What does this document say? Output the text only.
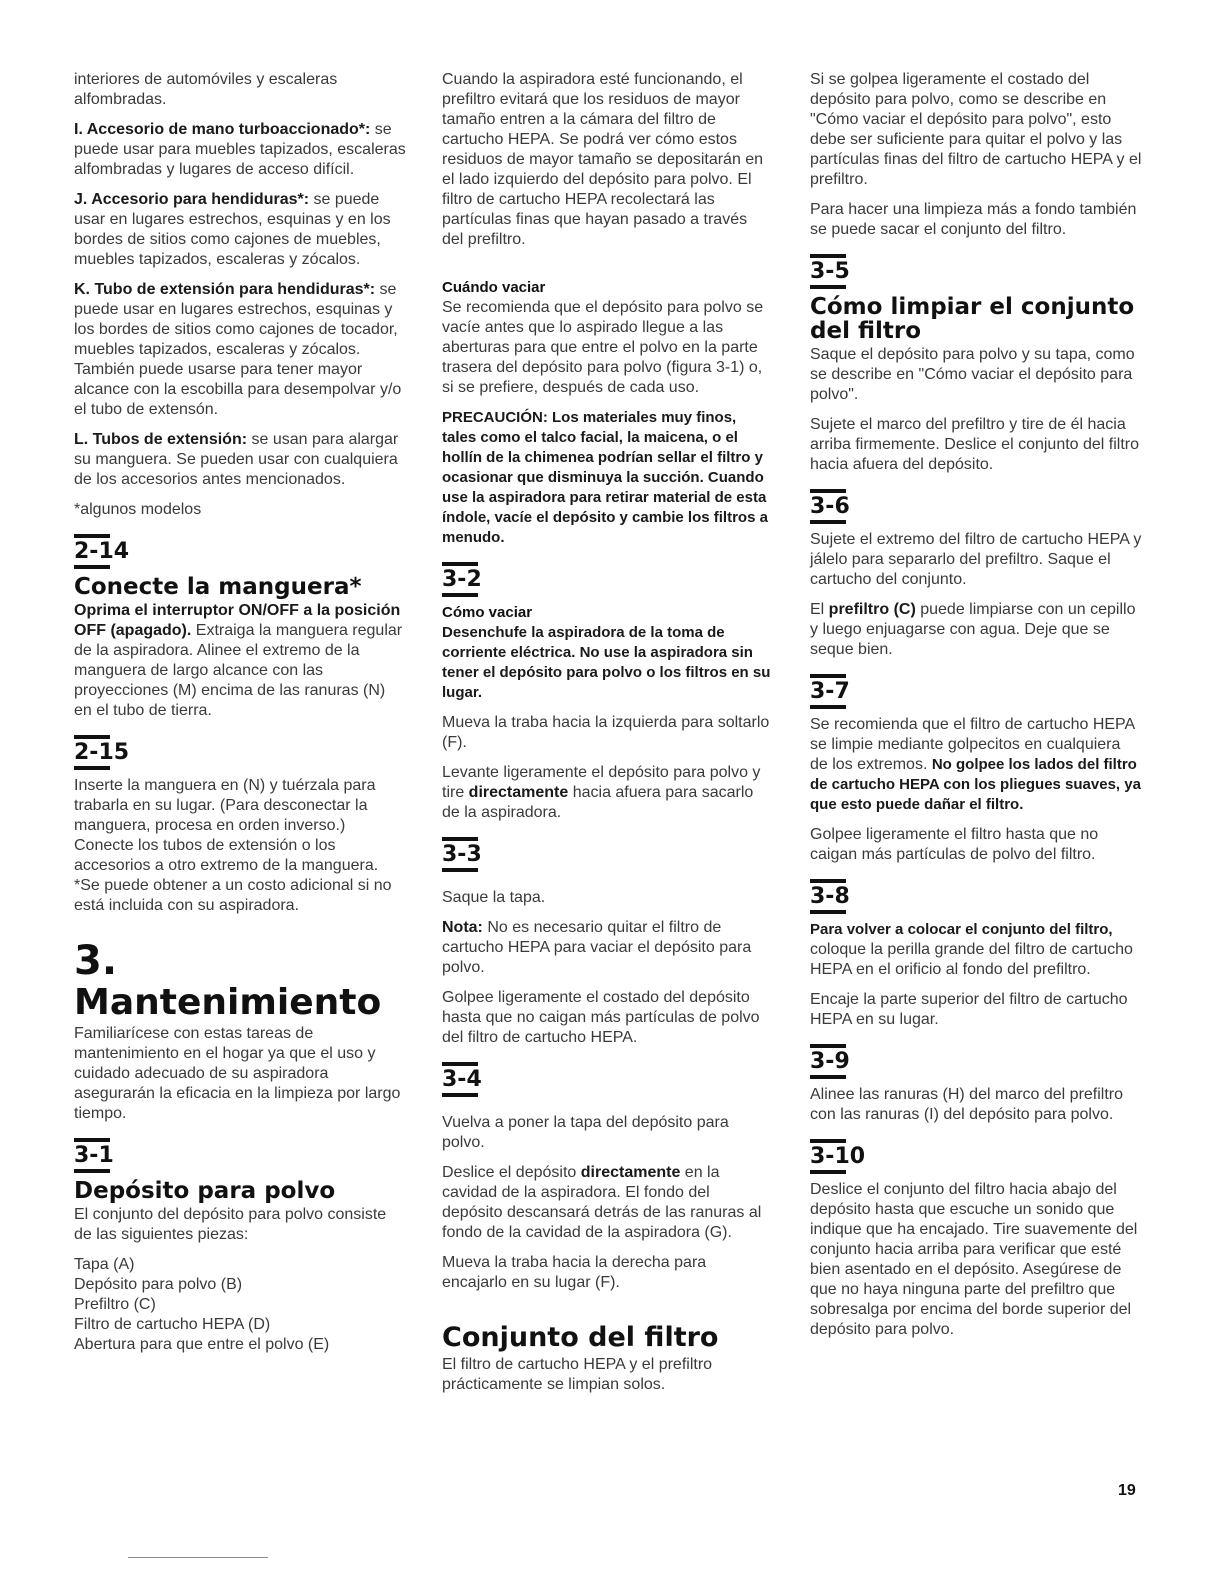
interiores de automóviles y escaleras alfombradas.

I. Accesorio de mano turboaccionado*: se puede usar para muebles tapizados, escaleras alfombradas y lugares de acceso difícil.

J. Accesorio para hendiduras*: se puede usar en lugares estrechos, esquinas y en los bordes de sitios como cajones de muebles, muebles tapizados, escaleras y zócalos.

K. Tubo de extensión para hendiduras*: se puede usar en lugares estrechos, esquinas y los bordes de sitios como cajones de tocador, muebles tapizados, escaleras y zócalos. También puede usarse para tener mayor alcance con la escobilla para desempolvar y/o el tubo de extensón.

L. Tubos de extensión: se usan para alargar su manguera. Se pueden usar con cualquiera de los accesorios antes mencionados.

*algunos modelos

2-14
Conecte la manguera*

Oprima el interruptor ON/OFF a la posición OFF (apagado). Extraiga la manguera regular de la aspiradora. Alinee el extremo de la manguera de largo alcance con las proyecciones (M) encima de las ranuras (N) en el tubo de tierra.

2-15

Inserte la manguera en (N) y tuérzala para trabarla en su lugar. (Para desconectar la manguera, procesa en orden inverso.) Conecte los tubos de extensión o los accesorios a otro extremo de la manguera.

*Se puede obtener a un costo adicional si no está incluida con su aspiradora.

3.
Mantenimiento

Familiarícese con estas tareas de mantenimiento en el hogar ya que el uso y cuidado adecuado de su aspiradora asegurarán la eficacia en la limpieza por largo tiempo.

3-1
Depósito para polvo

El conjunto del depósito para polvo consiste de las siguientes piezas:

Tapa (A)

Depósito para polvo (B)

Prefiltro (C)

Filtro de cartucho HEPA (D)

Abertura para que entre el polvo (E)

Cuando la aspiradora esté funcionando, el prefiltro evitará que los residuos de mayor tamaño entren a la cámara del filtro de cartucho HEPA. Se podrá ver cómo estos residuos de mayor tamaño se depositarán en el lado izquierdo del depósito para polvo. El filtro de cartucho HEPA recolectará las partículas finas que hayan pasado a través del prefiltro.

Cuándo vaciar

Se recomienda que el depósito para polvo se vacíe antes que lo aspirado llegue a las aberturas para que entre el polvo en la parte trasera del depósito para polvo (figura 3-1) o, si se prefiere, después de cada uso.

PRECAUCIÓN: Los materiales muy finos, tales como el talco facial, la maicena, o el hollín de la chimenea podrían sellar el filtro y ocasionar que disminuya la succión. Cuando use la aspiradora para retirar material de esta índole, vacíe el depósito y cambie los filtros a menudo.

3-2
Cómo vaciar

Desenchufe la aspiradora de la toma de corriente eléctrica. No use la aspiradora sin tener el depósito para polvo o los filtros en su lugar.

Mueva la traba hacia la izquierda para soltarlo (F).

Levante ligeramente el depósito para polvo y tire directamente hacia afuera para sacarlo de la aspiradora.

3-3

Saque la tapa.

Nota: No es necesario quitar el filtro de cartucho HEPA para vaciar el depósito para polvo.

Golpee ligeramente el costado del depósito hasta que no caigan más partículas de polvo del filtro de cartucho HEPA.

3-4

Vuelva a poner la tapa del depósito para polvo.

Deslice el depósito directamente en la cavidad de la aspiradora. El fondo del depósito descansará detrás de las ranuras al fondo de la cavidad de la aspiradora (G).

Mueva la traba hacia la derecha para encajarlo en su lugar (F).

Conjunto del filtro

El filtro de cartucho HEPA y el prefiltro prácticamente se limpian solos.

Si se golpea ligeramente el costado del depósito para polvo, como se describe en "Cómo vaciar el depósito para polvo", esto debe ser suficiente para quitar el polvo y las partículas finas del filtro de cartucho HEPA y el prefiltro.

Para hacer una limpieza más a fondo también se puede sacar el conjunto del filtro.

3-5
Cómo limpiar el conjunto del filtro

Saque el depósito para polvo y su tapa, como se describe en "Cómo vaciar el depósito para polvo".

Sujete el marco del prefiltro y tire de él hacia arriba firmemente. Deslice el conjunto del filtro hacia afuera del depósito.

3-6

Sujete el extremo del filtro de cartucho HEPA y jálelo para separarlo del prefiltro. Saque el cartucho del conjunto.

El prefiltro (C) puede limpiarse con un cepillo y luego enjuagarse con agua. Deje que se seque bien.

3-7

Se recomienda que el filtro de cartucho HEPA se limpie mediante golpecitos en cualquiera de los extremos. No golpee los lados del filtro de cartucho HEPA con los pliegues suaves, ya que esto puede dañar el filtro.

Golpee ligeramente el filtro hasta que no caigan más partículas de polvo del filtro.

3-8

Para volver a colocar el conjunto del filtro, coloque la perilla grande del filtro de cartucho HEPA en el orificio al fondo del prefiltro.

Encaje la parte superior del filtro de cartucho HEPA en su lugar.

3-9

Alinee las ranuras (H) del marco del prefiltro con las ranuras (I) del depósito para polvo.

3-10

Deslice el conjunto del filtro hacia abajo del depósito hasta que escuche un sonido que indique que ha encajado. Tire suavemente del conjunto hacia arriba para verificar que esté bien asentado en el depósito. Asegúrese de que no haya ninguna parte del prefiltro que sobresalga por encima del borde superior del depósito para polvo.

19
